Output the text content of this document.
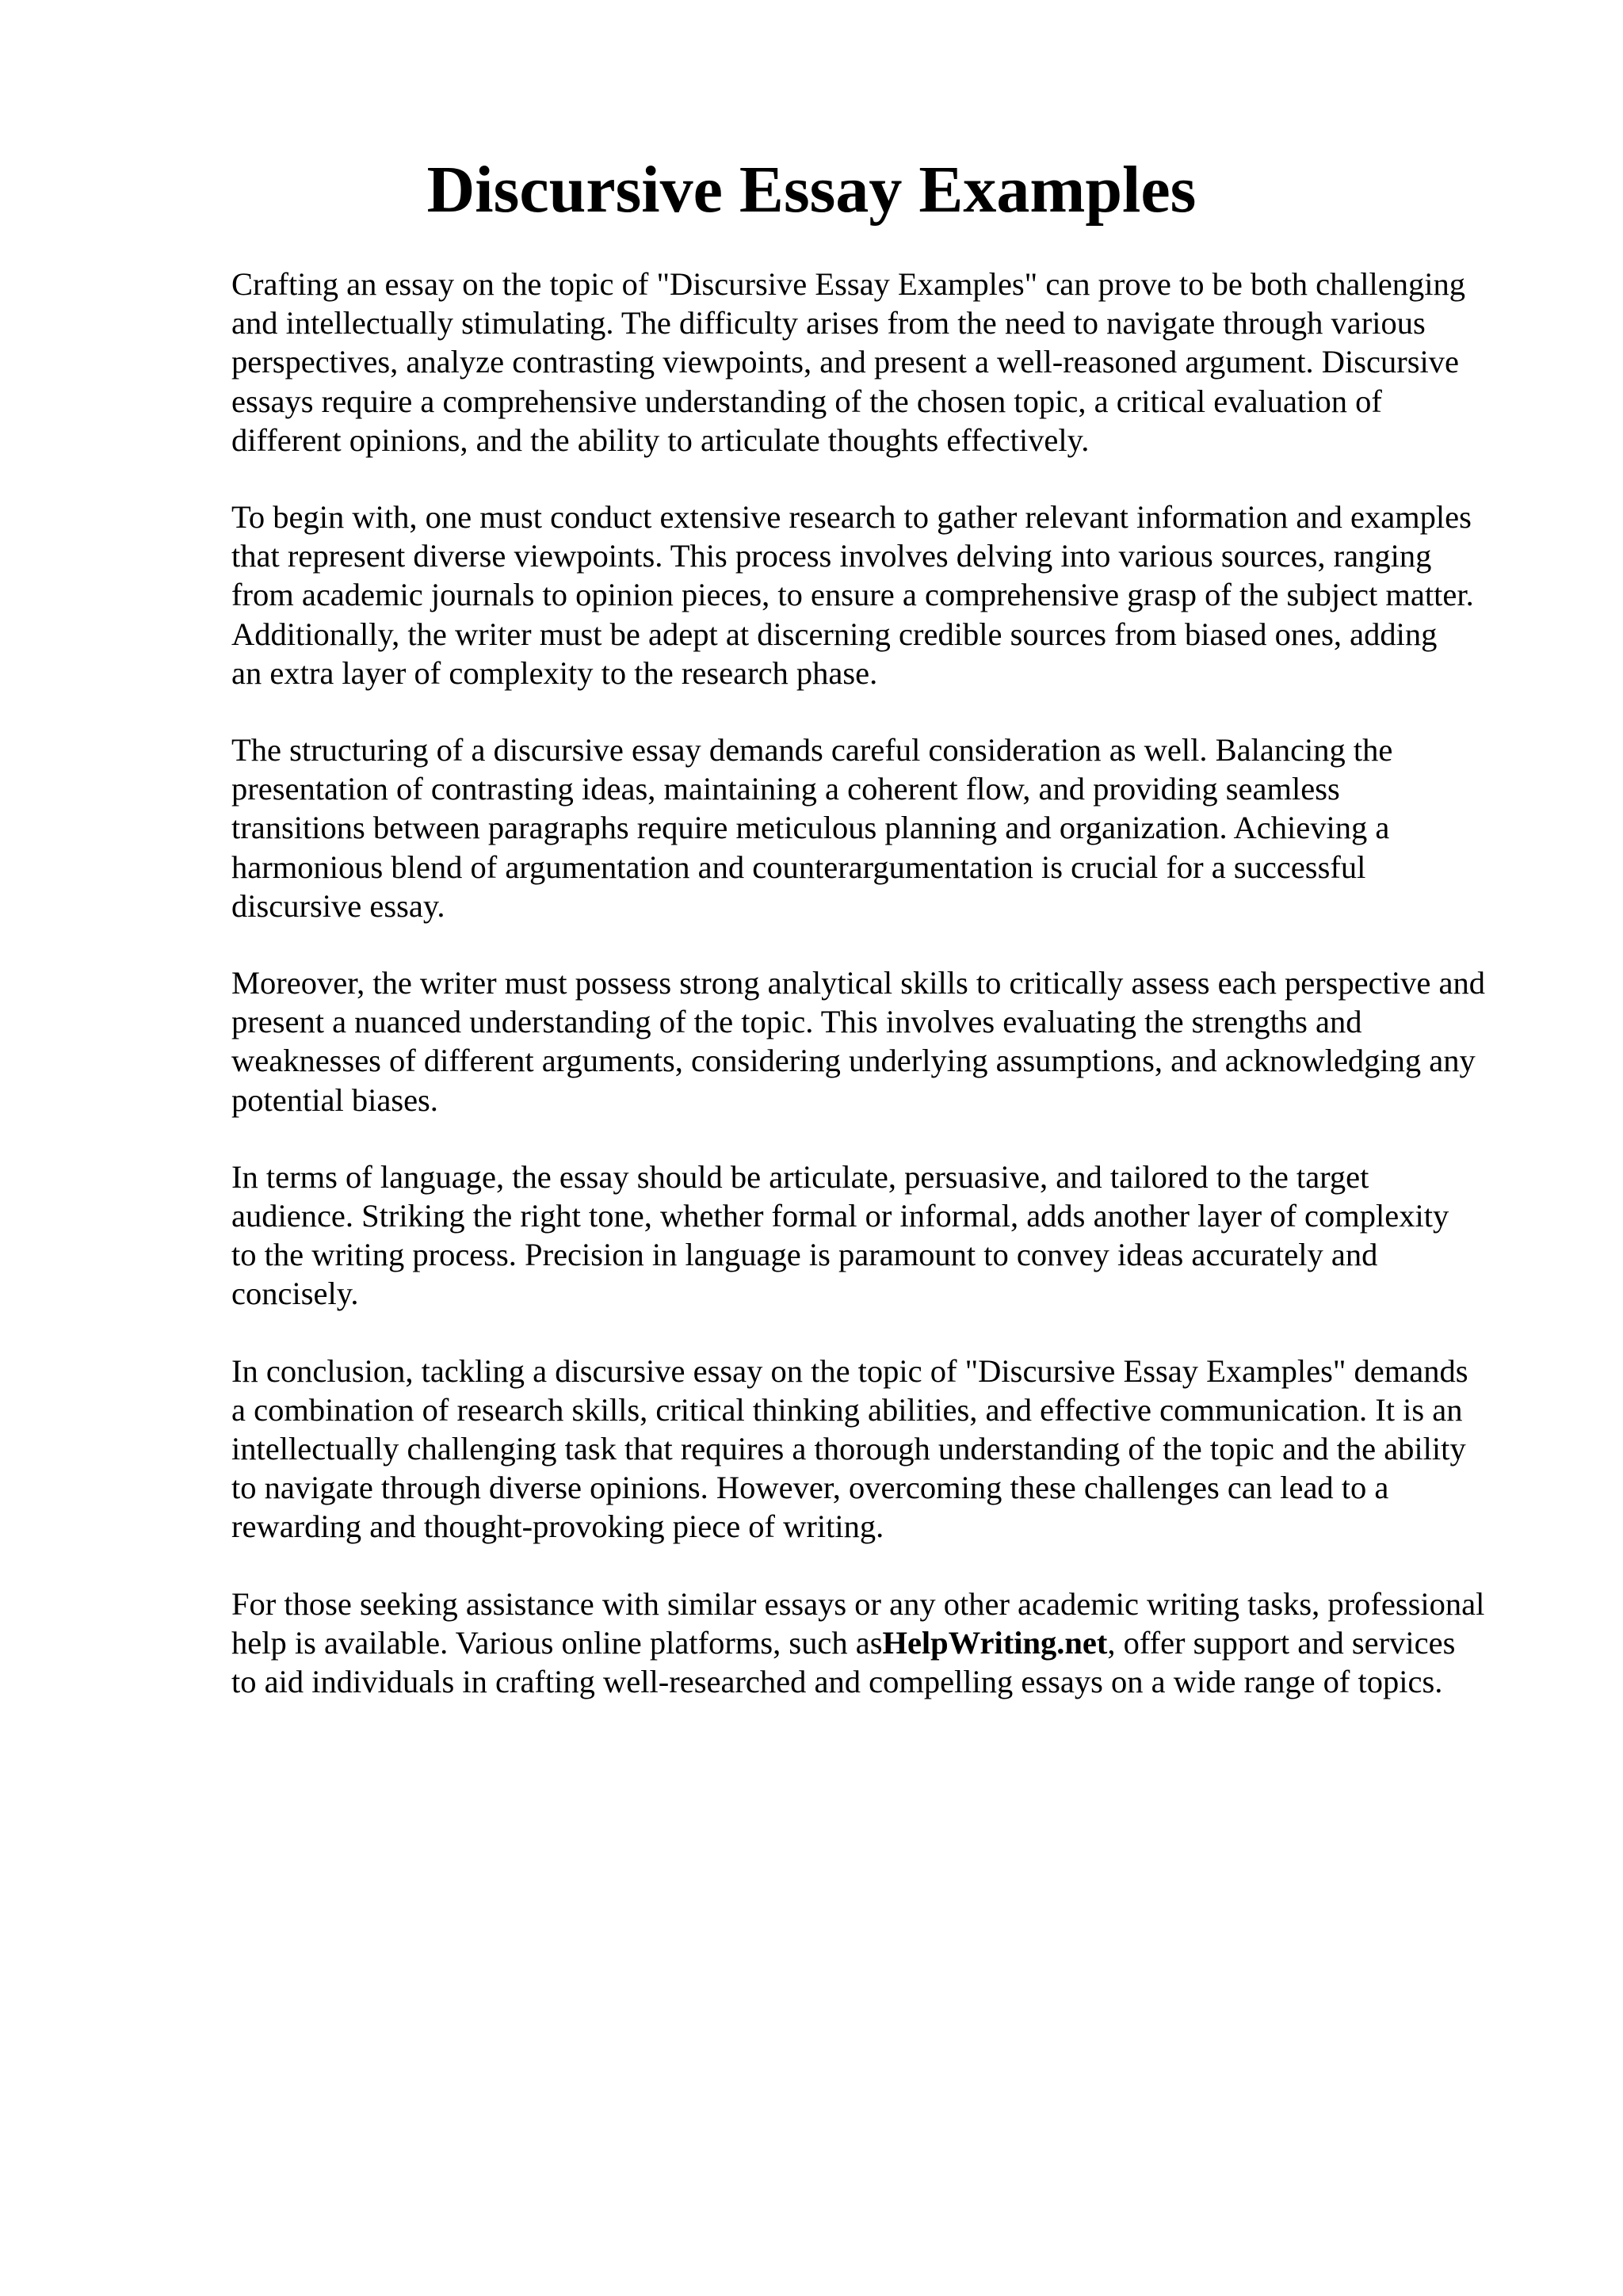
Discursive Essay Examples

Crafting an essay on the topic of "Discursive Essay Examples" can prove to be both challenging
and intellectually stimulating. The difficulty arises from the need to navigate through various
perspectives, analyze contrasting viewpoints, and present a well-reasoned argument. Discursive
essays require a comprehensive understanding of the chosen topic, a critical evaluation of
different opinions, and the ability to articulate thoughts effectively.

To begin with, one must conduct extensive research to gather relevant information and examples
that represent diverse viewpoints. This process involves delving into various sources, ranging
from academic journals to opinion pieces, to ensure a comprehensive grasp of the subject matter.
Additionally, the writer must be adept at discerning credible sources from biased ones, adding
an extra layer of complexity to the research phase.

The structuring of a discursive essay demands careful consideration as well. Balancing the
presentation of contrasting ideas, maintaining a coherent flow, and providing seamless
transitions between paragraphs require meticulous planning and organization. Achieving a
harmonious blend of argumentation and counterargumentation is crucial for a successful
discursive essay.

Moreover, the writer must possess strong analytical skills to critically assess each perspective and
present a nuanced understanding of the topic. This involves evaluating the strengths and
weaknesses of different arguments, considering underlying assumptions, and acknowledging any
potential biases.

In terms of language, the essay should be articulate, persuasive, and tailored to the target
audience. Striking the right tone, whether formal or informal, adds another layer of complexity
to the writing process. Precision in language is paramount to convey ideas accurately and
concisely.

In conclusion, tackling a discursive essay on the topic of "Discursive Essay Examples" demands
a combination of research skills, critical thinking abilities, and effective communication. It is an
intellectually challenging task that requires a thorough understanding of the topic and the ability
to navigate through diverse opinions. However, overcoming these challenges can lead to a
rewarding and thought-provoking piece of writing.

For those seeking assistance with similar essays or any other academic writing tasks, professional
help is available. Various online platforms, such asHelpWriting.net, offer support and services
to aid individuals in crafting well-researched and compelling essays on a wide range of topics.
